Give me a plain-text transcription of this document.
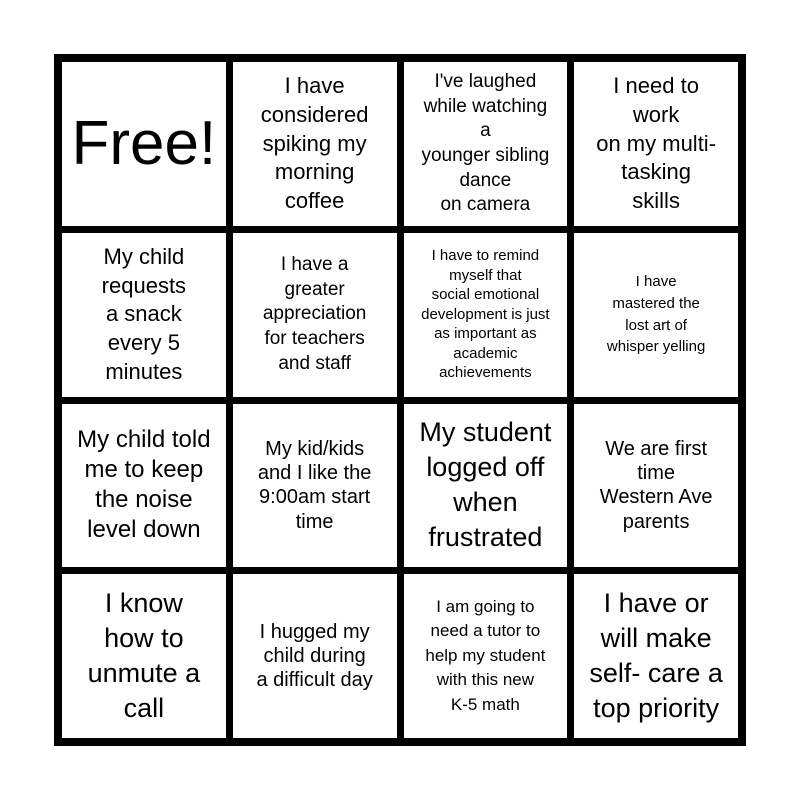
Free!
I have
considered
spiking my
morning
coffee
I've laughed
while watching
a
younger sibling
dance
on camera
I need to
work
on my multi-
tasking
skills
My child
requests
a snack
every 5
minutes
I have a
greater
appreciation
for teachers
and staff
I have to remind
myself that
social emotional
development is just
as important as
academic
achievements
I have
mastered the
lost art of
whisper yelling
My child told
me to keep
the noise
level down
My kid/kids
and I like the
9:00am start
time
My student
logged off
when
frustrated
We are first
time
Western Ave
parents
I know
how to
unmute a
call
I hugged my
child during
a difficult day
I am going to
need a tutor to
help my student
with this new
K-5 math
I have or
will make
self- care a
top priority
